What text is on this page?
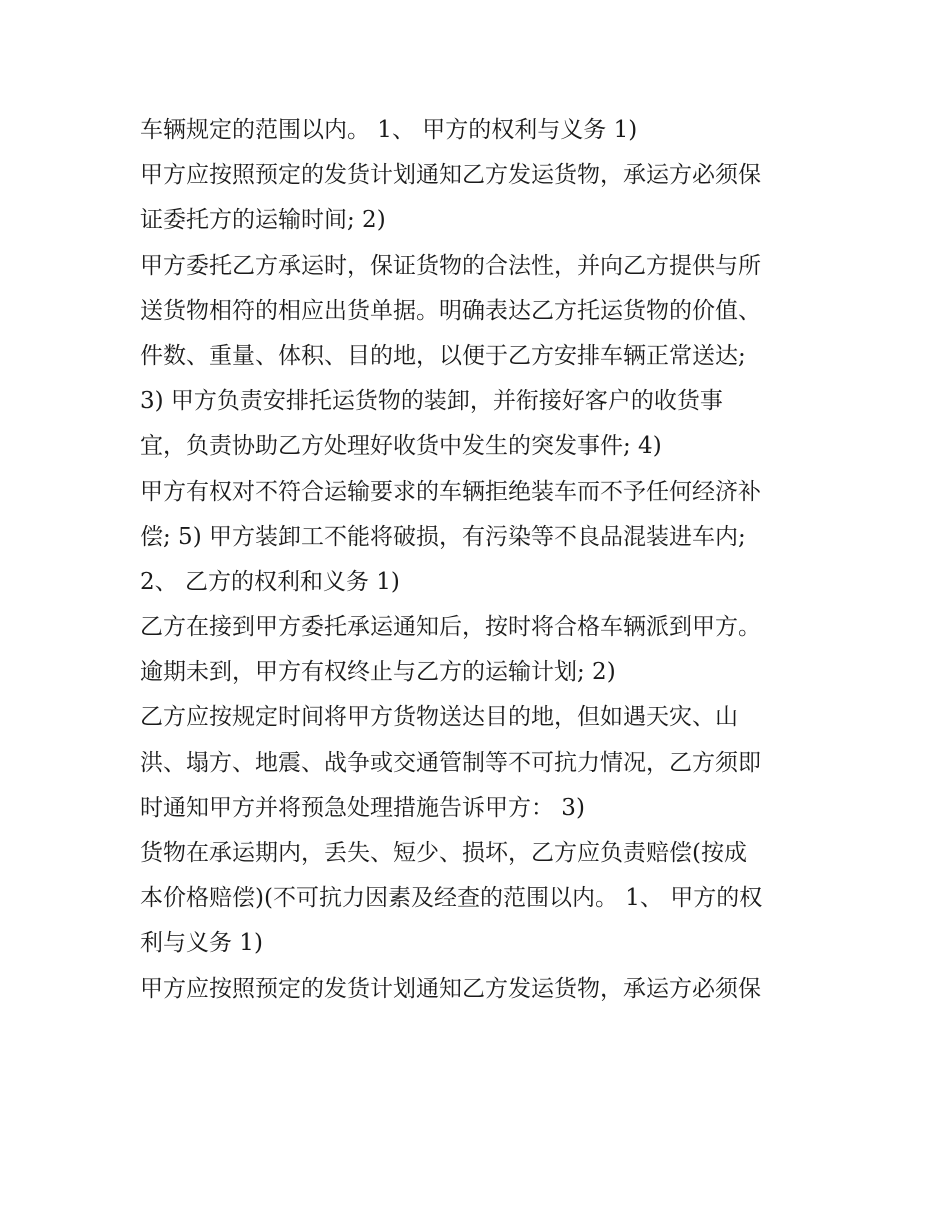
车辆规定的范围以内。 1、 甲方的权利与义务 1)
甲方应按照预定的发货计划通知乙方发运货物，承运方必须保
证委托方的运输时间; 2)
甲方委托乙方承运时，保证货物的合法性，并向乙方提供与所
送货物相符的相应出货单据。明确表达乙方托运货物的价值、
件数、重量、体积、目的地，以便于乙方安排车辆正常送达;
3) 甲方负责安排托运货物的装卸，并衔接好客户的收货事
宜，负责协助乙方处理好收货中发生的突发事件; 4)
甲方有权对不符合运输要求的车辆拒绝装车而不予任何经济补
偿; 5) 甲方装卸工不能将破损，有污染等不良品混装进车内;
2、 乙方的权利和义务 1)
乙方在接到甲方委托承运通知后，按时将合格车辆派到甲方。
逾期未到，甲方有权终止与乙方的运输计划; 2)
乙方应按规定时间将甲方货物送达目的地，但如遇天灾、山
洪、塌方、地震、战争或交通管制等不可抗力情况，乙方须即
时通知甲方并将预急处理措施告诉甲方： 3)
货物在承运期内，丢失、短少、损坏，乙方应负责赔偿(按成
本价格赔偿)(不可抗力因素及经查的范围以内。 1、 甲方的权
利与义务 1)
甲方应按照预定的发货计划通知乙方发运货物，承运方必须保
